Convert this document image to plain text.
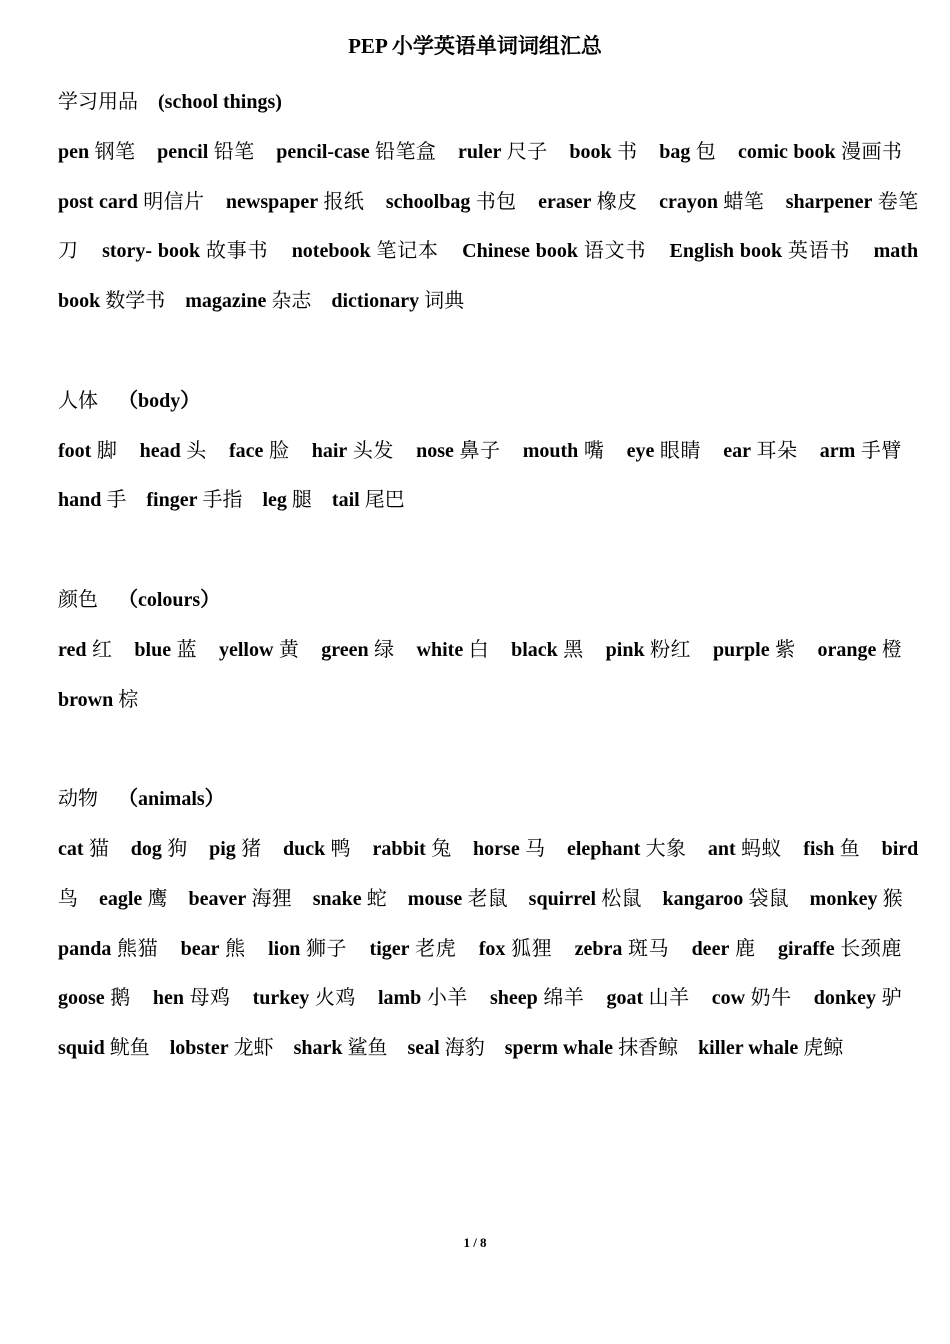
PEP 小学英语单词词组汇总

学习用品 (school things)

pen 钢笔 pencil 铅笔 pencil-case 铅笔盒 ruler 尺子 book 书 bag 包 comic book 漫画书    post card 明信片 newspaper 报纸 schoolbag 书包 eraser 橡皮 crayon 蜡笔 sharpener 卷笔刀 story- book 故事书 notebook 笔记本 Chinese book 语文书 English book 英语书 math book 数学书 magazine 杂志 dictionary 词典

人体 （body）

foot 脚 head 头 face 脸 hair 头发 nose 鼻子 mouth 嘴 eye 眼睛 ear 耳朵 arm 手臂    hand 手 finger 手指 leg 腿 tail 尾巴

颜色 （colours）

red 红 blue 蓝 yellow 黄 green 绿 white 白 black 黑 pink 粉红 purple 紫 orange 橙    brown 棕

动物 （animals）

cat 猫 dog 狗 pig 猪 duck 鸭 rabbit 兔 horse 马 elephant 大象 ant 蚂蚁 fish 鱼 bird 鸟 eagle 鹰 beaver 海狸 snake 蛇 mouse 老鼠 squirrel 松鼠 kangaroo 袋鼠 monkey 猴    panda 熊猫 bear 熊 lion 狮子 tiger 老虎 fox 狐狸 zebra 斑马 deer 鹿 giraffe 长颈鹿    goose 鹅 hen 母鸡 turkey 火鸡 lamb 小羊 sheep 绵羊 goat 山羊 cow 奶牛 donkey 驴    squid 鱿鱼 lobster 龙虾 shark 鲨鱼 seal 海豹 sperm whale 抹香鲸 killer whale 虎鲸

1 / 8
